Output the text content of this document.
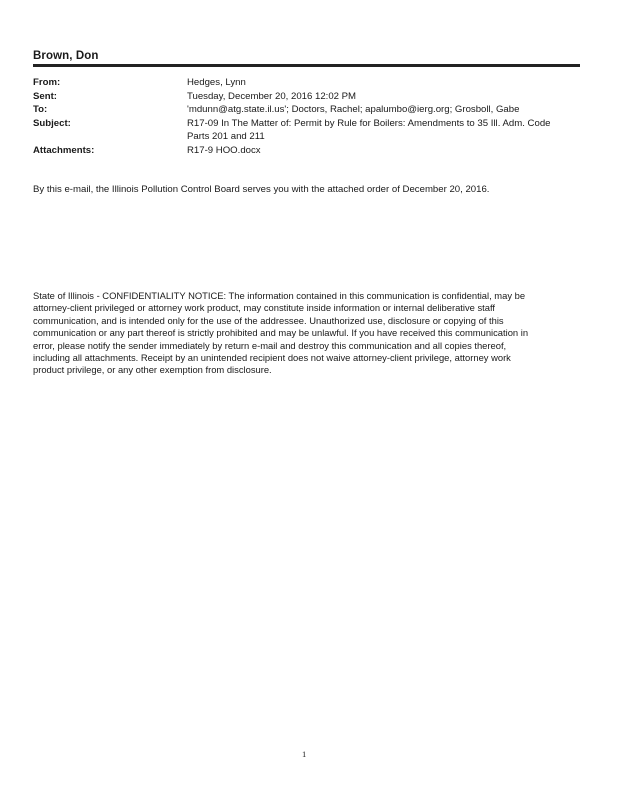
Brown, Don
From:	Hedges, Lynn
Sent:	Tuesday, December 20, 2016 12:02 PM
To:	'mdunn@atg.state.il.us'; Doctors, Rachel; apalumbo@ierg.org; Grosboll, Gabe
Subject:	R17-09 In The Matter of: Permit by Rule for Boilers: Amendments to 35 Ill. Adm. Code
Parts 201 and 211
Attachments:	R17-9 HOO.docx
By this e-mail, the Illinois Pollution Control Board serves you with the attached order of December 20, 2016.
State of Illinois - CONFIDENTIALITY NOTICE: The information contained in this communication is confidential, may be
attorney-client privileged or attorney work product, may constitute inside information or internal deliberative staff
communication, and is intended only for the use of the addressee. Unauthorized use, disclosure or copying of this
communication or any part thereof is strictly prohibited and may be unlawful. If you have received this communication in
error, please notify the sender immediately by return e-mail and destroy this communication and all copies thereof,
including all attachments. Receipt by an unintended recipient does not waive attorney-client privilege, attorney work
product privilege, or any other exemption from disclosure.
1
